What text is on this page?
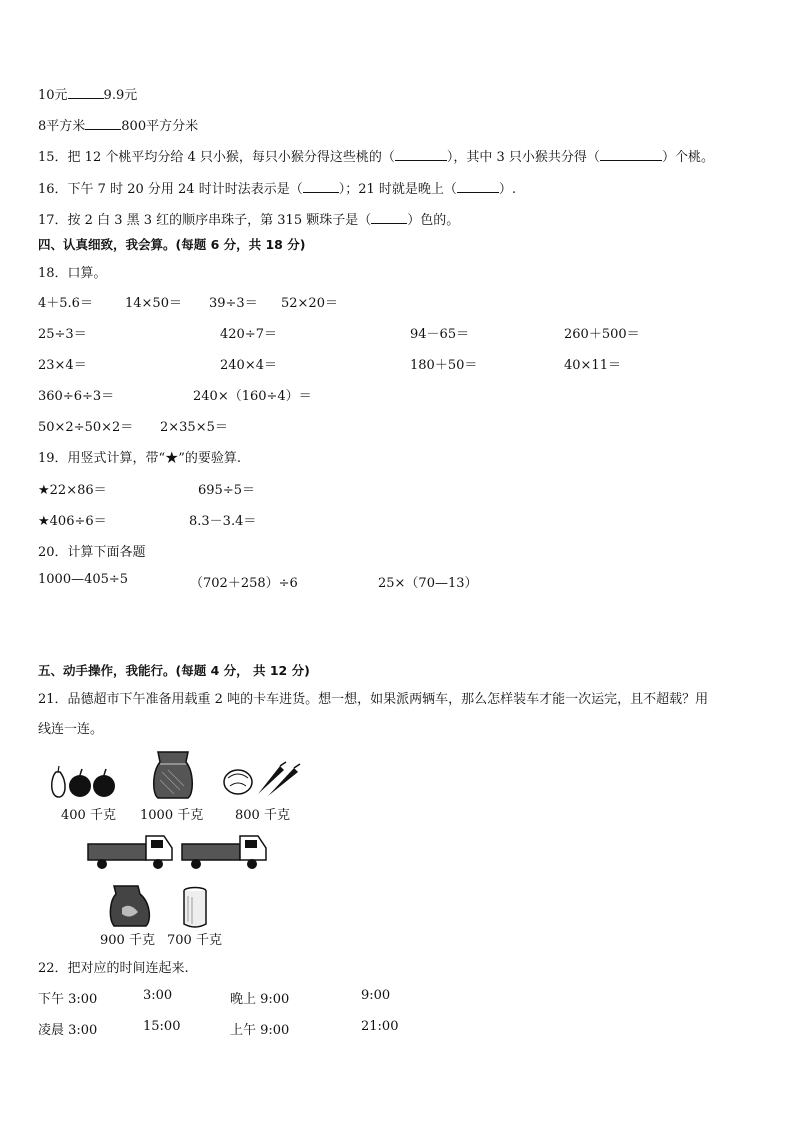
10元	9.9元
8平方米	800平方分米
15．把 12 个桃平均分给 4 只小猴，每只小猴分得这些桃的（	），其中 3 只小猴共分得（	）个桃。
16．下午 7 时 20 分用 24 时计时法表示是（	）；21 时就是晚上（	）.
17．按 2 白 3 黑 3 红的顺序串珠子，第 315 颗珠子是（	）色的。
四、认真细致，我会算。(每题 6 分，共 18 分)
18．口算。
4＋5.6＝ 14×50＝ 39÷3＝ 52×20＝
25÷3＝	420÷7＝	94－65＝	260＋500＝
23×4＝	240×4＝	180＋50＝	40×11＝
360÷6÷3＝	240×（160÷4）＝
50×2÷50×2＝ 2×35×5＝
19．用竖式计算，带“★”的要验算.
★22×86＝	695÷5＝
★406÷6＝	8.3－3.4＝
20．计算下面各题
1000—405÷5	（702＋258）÷6	25×（70—13）
五、动手操作，我能行。(每题 4 分， 共 12 分)
21．品德超市下午准备用载重 2 吨的卡车进货。想一想，如果派两辆车，那么怎样装车才能一次运完，且不超载？用
线连一连。
400 千克 1000 千克 800 千克
900 千克 700 千克
22．把对应的时间连起来.
下午 3:00	3:00	晚上 9:00	9:00
凌晨 3:00	15:00	上午 9:00	21:00
